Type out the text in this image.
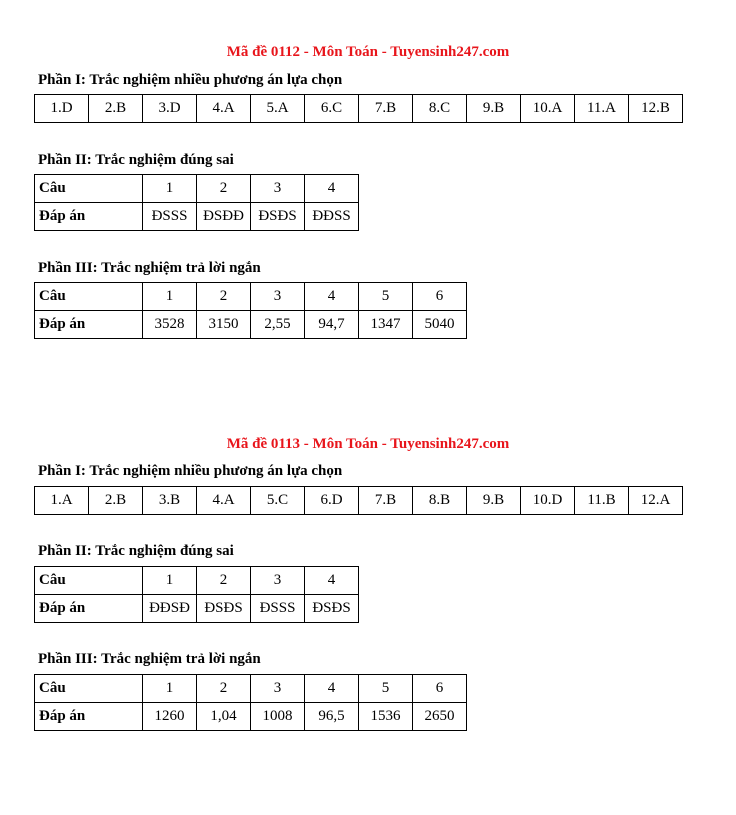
Mã đề 0112 - Môn Toán - Tuyensinh247.com
Phần I: Trắc nghiệm nhiều phương án lựa chọn
1.D	2.B	3.D	4.A	5.A	6.C	7.B	8.C	9.B	10.A	11.A	12.B
Phần II: Trắc nghiệm đúng sai
Câu	1	2	3	4
Đáp án	ĐSSS	ĐSĐĐ	ĐSĐS	ĐĐSS
Phần III: Trắc nghiệm trả lời ngắn
Câu	1	2	3	4	5	6
Đáp án	3528	3150	2,55	94,7	1347	5040
Mã đề 0113 - Môn Toán - Tuyensinh247.com
Phần I: Trắc nghiệm nhiều phương án lựa chọn
1.A	2.B	3.B	4.A	5.C	6.D	7.B	8.B	9.B	10.D	11.B	12.A
Phần II: Trắc nghiệm đúng sai
Câu	1	2	3	4
Đáp án	ĐĐSĐ	ĐSĐS	ĐSSS	ĐSĐS
Phần III: Trắc nghiệm trả lời ngắn
Câu	1	2	3	4	5	6
Đáp án	1260	1,04	1008	96,5	1536	2650
